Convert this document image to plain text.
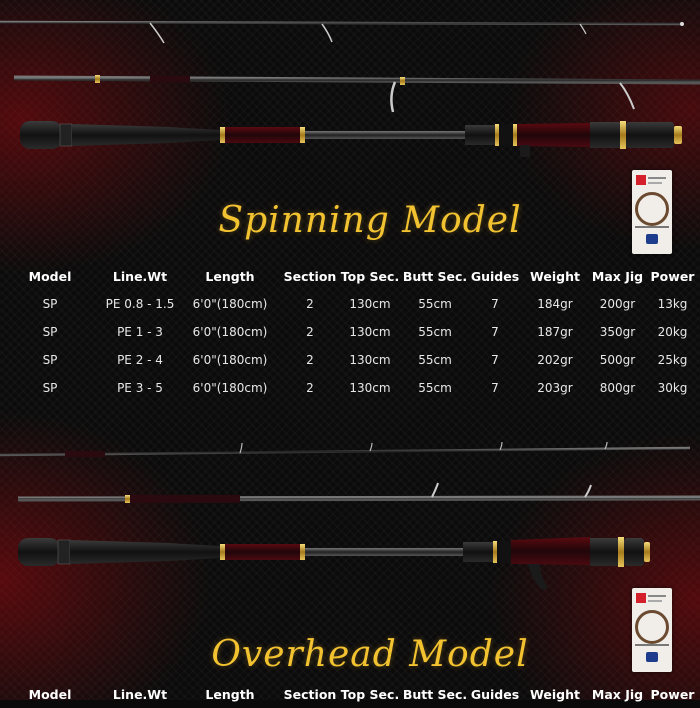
Spinning Model
Model	Line.Wt	Length	Section	Top Sec.	Butt Sec.	Guides	Weight	Max Jig	Power
SP	PE 0.8 - 1.5	6'0"(180cm)	2	130cm	55cm	7	184gr	200gr	13kg
SP	PE 1 - 3	6'0"(180cm)	2	130cm	55cm	7	187gr	350gr	20kg
SP	PE 2 - 4	6'0"(180cm)	2	130cm	55cm	7	202gr	500gr	25kg
SP	PE 3 - 5	6'0"(180cm)	2	130cm	55cm	7	203gr	800gr	30kg
Overhead Model
Model	Line.Wt	Length	Section	Top Sec.	Butt Sec.	Guides	Weight	Max Jig	Power
